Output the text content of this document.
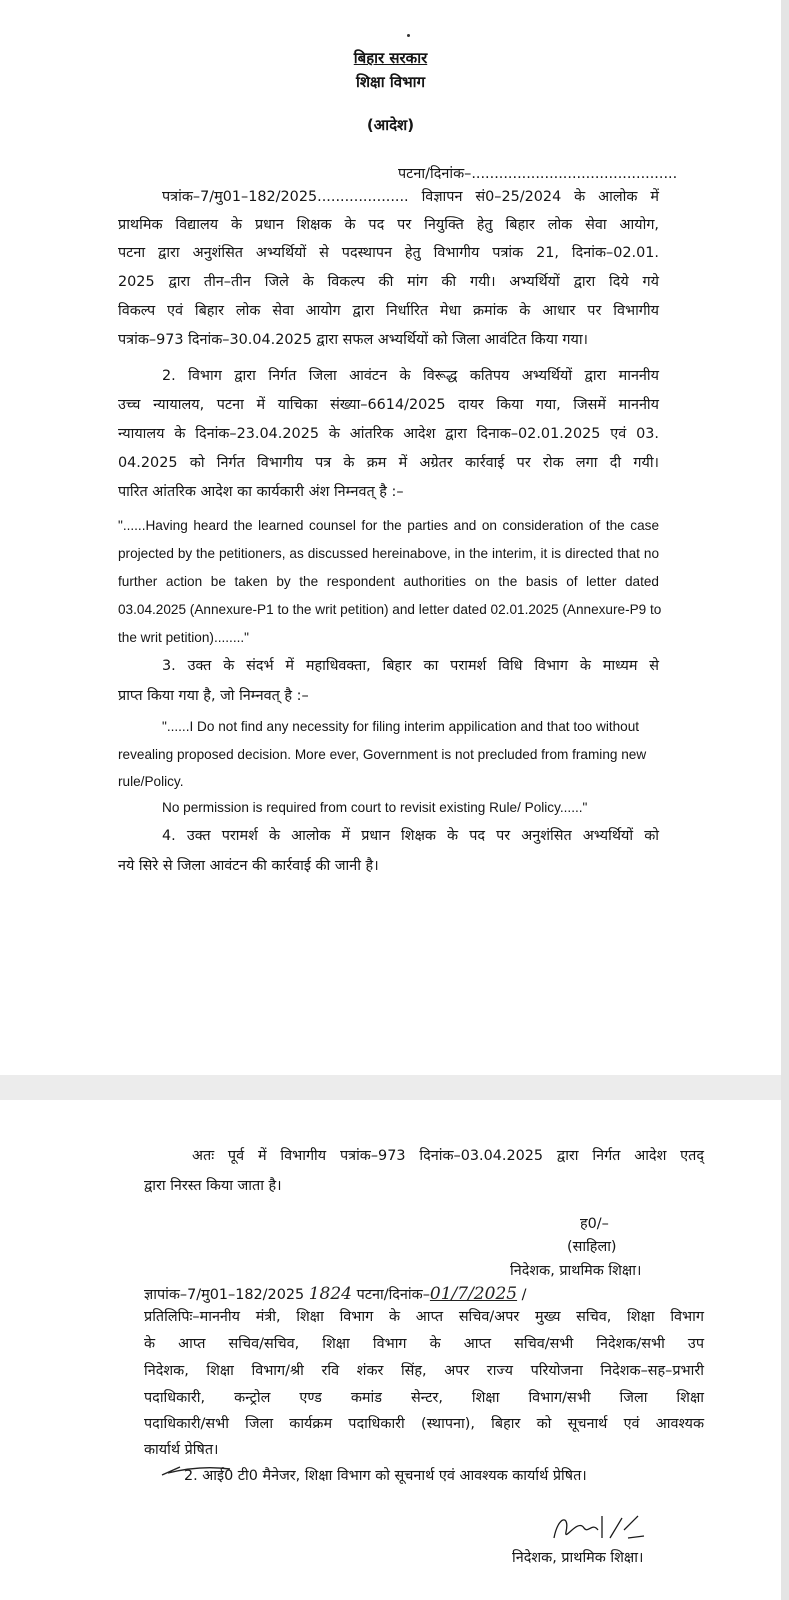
बिहार सरकार
शिक्षा विभाग
(आदेश)
पटना/दिनांक–.............................................
पत्रांक–7/मु01–182/2025.................... विज्ञापन सं0–25/2024 के आलोक में
प्राथमिक विद्यालय के प्रधान शिक्षक के पद पर नियुक्ति हेतु बिहार लोक सेवा आयोग,
पटना द्वारा अनुशंसित अभ्यर्थियों से पदस्थापन हेतु विभागीय पत्रांक 21, दिनांक–02.01.
2025 द्वारा तीन–तीन जिले के विकल्प की मांग की गयी। अभ्यर्थियों द्वारा दिये गये
विकल्प एवं बिहार लोक सेवा आयोग द्वारा निर्धारित मेधा क्रमांक के आधार पर विभागीय
पत्रांक–973 दिनांक–30.04.2025 द्वारा सफल अभ्यर्थियों को जिला आवंटित किया गया।
2. विभाग द्वारा निर्गत जिला आवंटन के विरूद्ध कतिपय अभ्यर्थियों द्वारा माननीय
उच्च न्यायालय, पटना में याचिका संख्या–6614/2025 दायर किया गया, जिसमें माननीय
न्यायालय के दिनांक–23.04.2025 के आंतरिक आदेश द्वारा दिनाक–02.01.2025 एवं 03.
04.2025 को निर्गत विभागीय पत्र के क्रम में अग्रेतर कार्रवाई पर रोक लगा दी गयी।
पारित आंतरिक आदेश का कार्यकारी अंश निम्नवत् है :–
"......Having heard the learned counsel for the parties and on consideration of the case
projected by the petitioners, as discussed hereinabove, in the interim, it is directed that no
further action be taken by the respondent authorities on the basis of letter dated
03.04.2025 (Annexure-P1 to the writ petition) and letter dated 02.01.2025 (Annexure-P9 to
the writ petition)........"
3. उक्त के संदर्भ में महाधिवक्ता, बिहार का परामर्श विधि विभाग के माध्यम से
प्राप्त किया गया है, जो निम्नवत् है :–
"......I Do not find any necessity for filing interim appilication and that too without
revealing proposed decision. More ever, Government is not precluded from framing new
rule/Policy.
No permission is required from court to revisit existing Rule/ Policy......"
4. उक्त परामर्श के आलोक में प्रधान शिक्षक के पद पर अनुशंसित अभ्यर्थियों को
नये सिरे से जिला आवंटन की कार्रवाई की जानी है।
अतः पूर्व में विभागीय पत्रांक–973 दिनांक–03.04.2025 द्वारा निर्गत आदेश एतद्
द्वारा निरस्त किया जाता है।
ह0/–
(साहिला)
निदेशक, प्राथमिक शिक्षा।
ज्ञापांक–7/मु01–182/2025 1824 पटना/दिनांक–01/7/2025 /
प्रतिलिपिः–माननीय मंत्री, शिक्षा विभाग के आप्त सचिव/अपर मुख्य सचिव, शिक्षा विभाग
के आप्त सचिव/सचिव, शिक्षा विभाग के आप्त सचिव/सभी निदेशक/सभी उप
निदेशक, शिक्षा विभाग/श्री रवि शंकर सिंह, अपर राज्य परियोजना निदेशक–सह–प्रभारी
पदाधिकारी, कन्ट्रोल एण्ड कमांड सेन्टर, शिक्षा विभाग/सभी जिला शिक्षा
पदाधिकारी/सभी जिला कार्यक्रम पदाधिकारी (स्थापना), बिहार को सूचनार्थ एवं आवश्यक
कार्यार्थ प्रेषित।
2. आई0 टी0 मैनेजर, शिक्षा विभाग को सूचनार्थ एवं आवश्यक कार्यार्थ प्रेषित।
निदेशक, प्राथमिक शिक्षा।
